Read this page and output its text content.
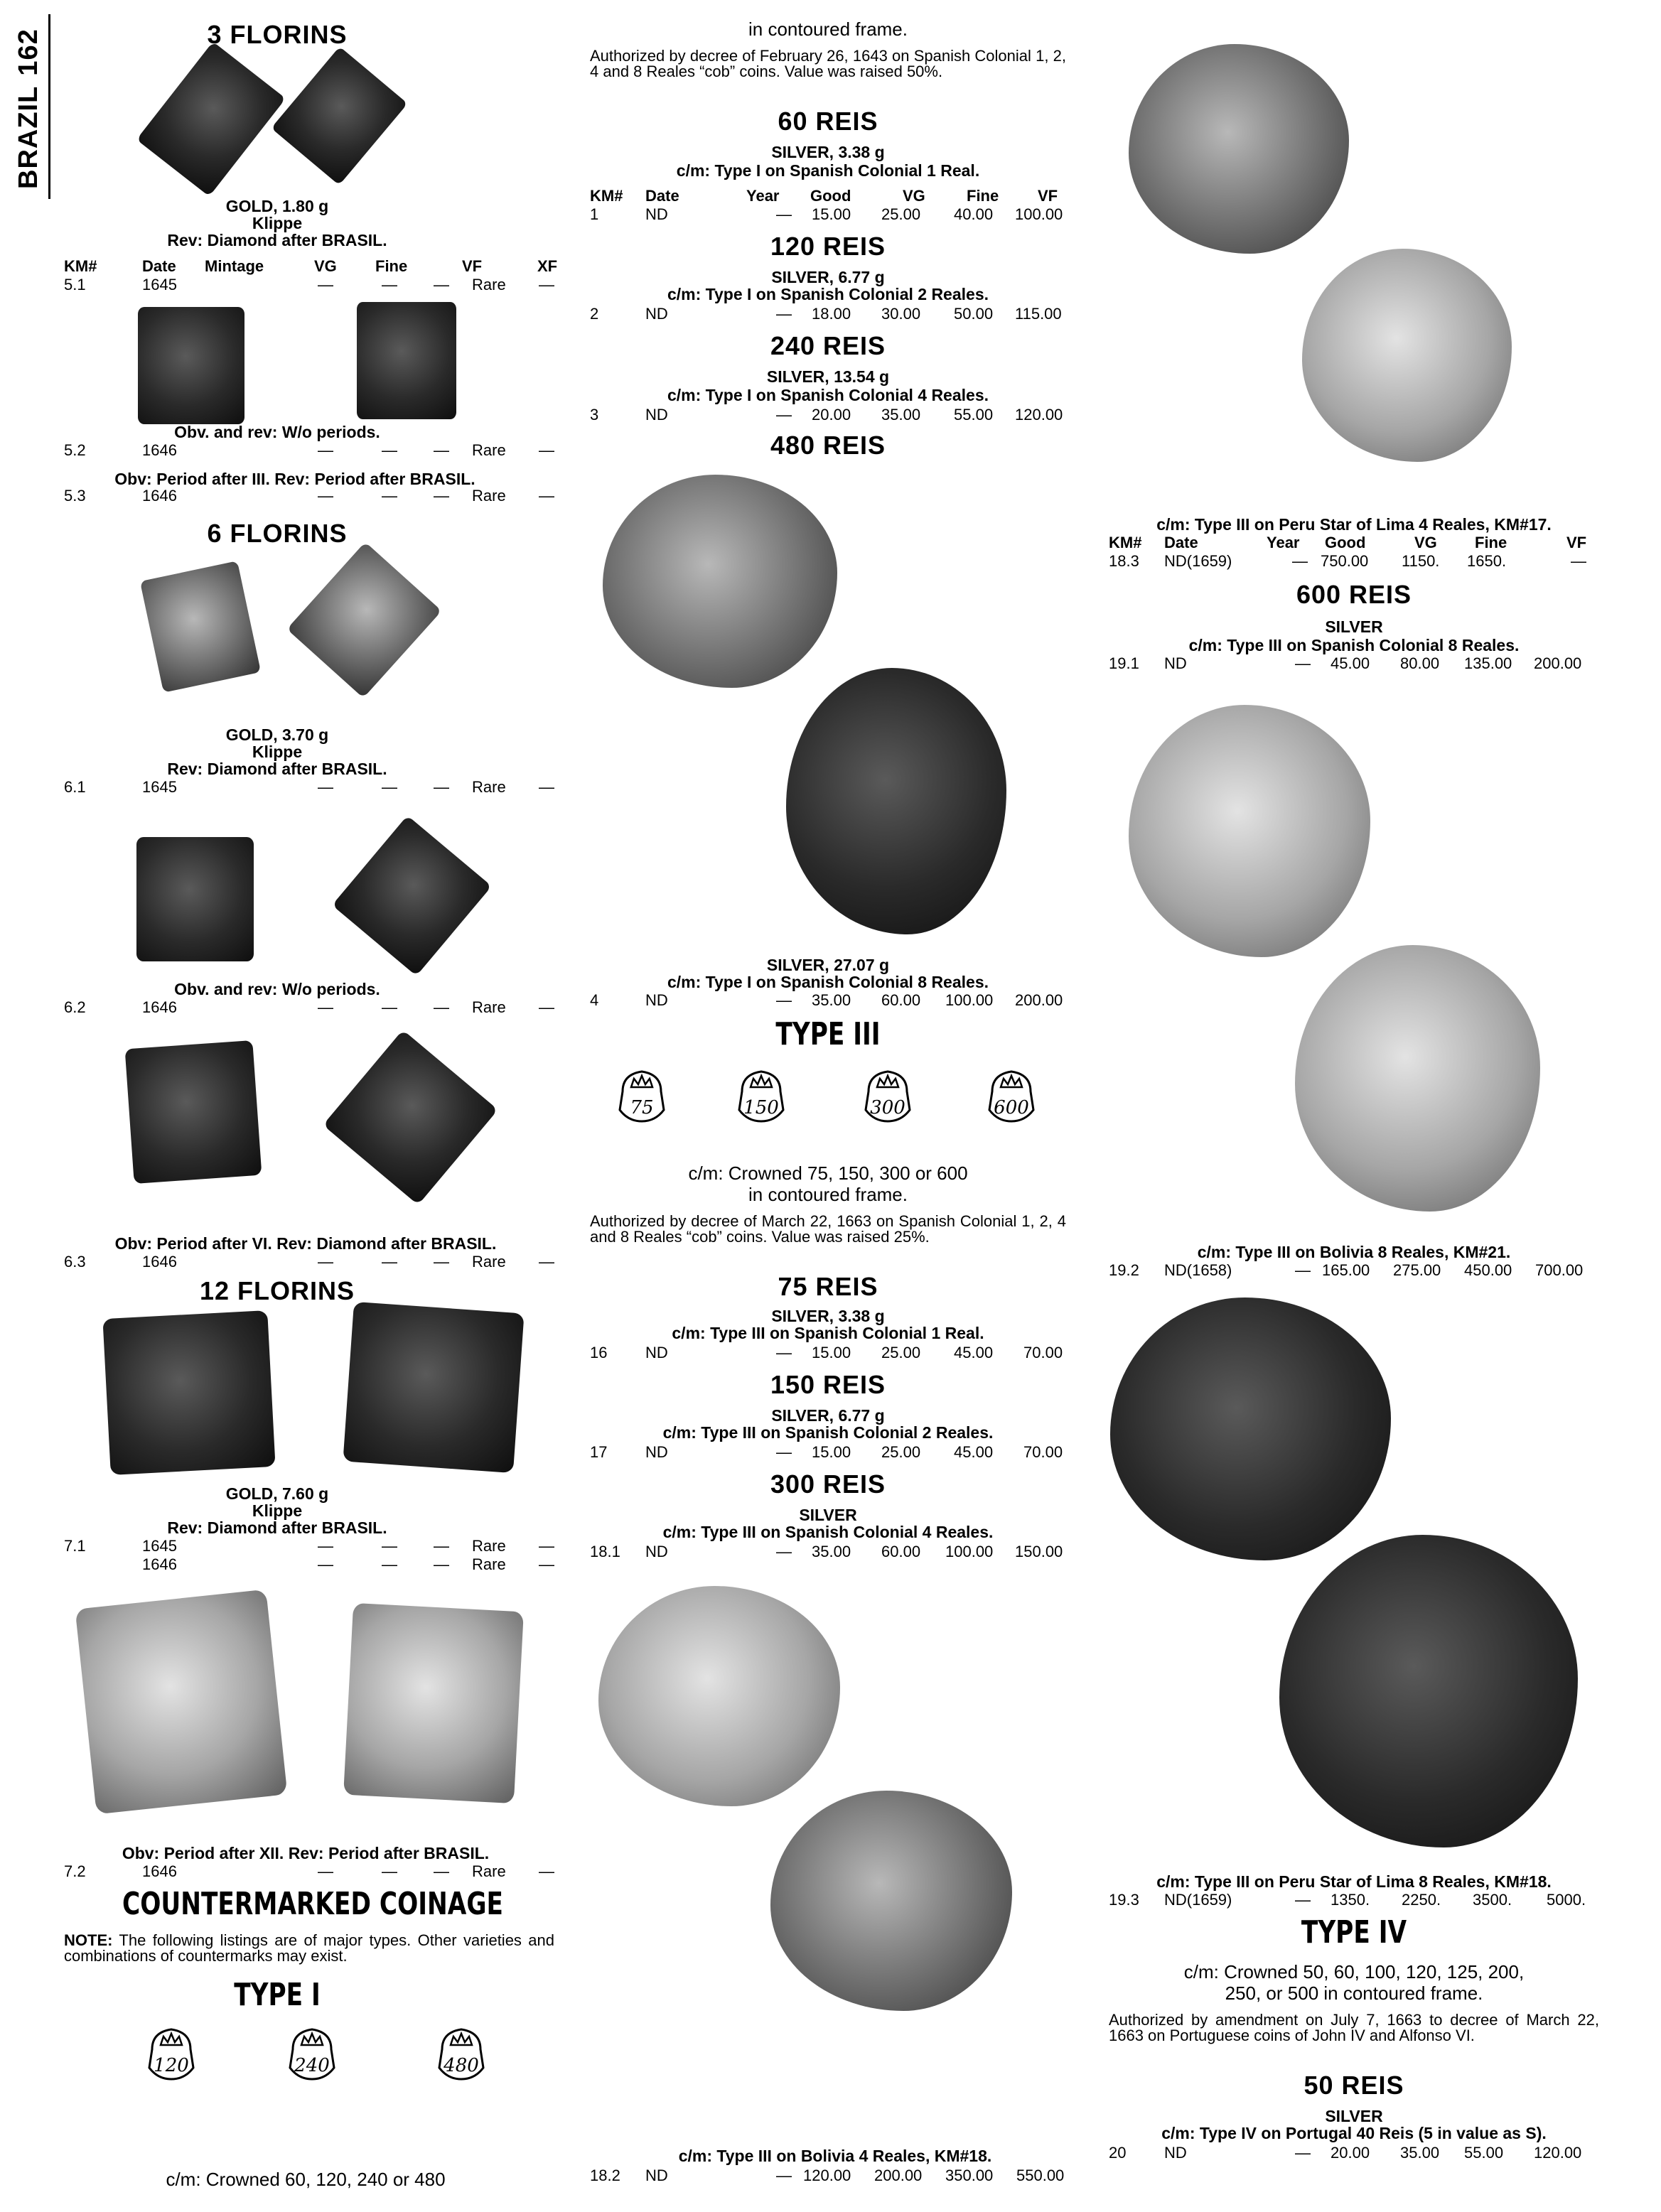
BRAZIL162	3 FLORINS
GOLD, 1.80 g
Klippe
Rev: Diamond after BRASIL.
KM#	Date Mintage	VG Fine	VF	XF
5.1	1645	—	— — Rare —
Obv. and rev: W/o periods.
5.2	1646	—	— — Rare —
Obv: Period after III. Rev: Period after BRASIL.
5.3	1646	—	— — Rare —
6 FLORINS
GOLD, 3.70 g
Klippe
Rev: Diamond after BRASIL.
6.1	1645	—	— — Rare —
Obv. and rev: W/o periods.
6.2	1646	—	— — Rare —
Obv: Period after VI. Rev: Diamond after BRASIL.
6.3	1646	—	— — Rare —
12 FLORINS
GOLD, 7.60 g
Klippe
Rev: Diamond after BRASIL.
7.1	1645	—	— — Rare —
1646	—	— — Rare —
Obv: Period after XII. Rev: Period after BRASIL.
7.2	1646	—	— — Rare —
COUNTERMARKED COINAGE
NOTE: The following listings are of major types. Other varieties and combinations of countermarks may exist.
TYPE I
120	240	480
c/m: Crowned 60, 120, 240 or 480
in contoured frame.
Authorized by decree of February 26, 1643 on Spanish Colonial 1, 2, 4 and 8 Reales “cob” coins. Value was raised 50%.
60 REIS
SILVER, 3.38 g
c/m: Type I on Spanish Colonial 1 Real.
KM# Date	Year Good	VG	Fine VF
1	ND	— 15.00 25.00 40.00 100.00
120 REIS
SILVER, 6.77 g
c/m: Type I on Spanish Colonial 2 Reales.
2	ND	— 18.00 30.00 50.00 115.00
240 REIS
SILVER, 13.54 g
c/m: Type I on Spanish Colonial 4 Reales.
3	ND	— 20.00 35.00 55.00 120.00
480 REIS
SILVER, 27.07 g
c/m: Type I on Spanish Colonial 8 Reales.
4	ND	— 35.00 60.00 100.00 200.00
TYPE III
75	150	300	600
c/m: Crowned 75, 150, 300 or 600
in contoured frame.
Authorized by decree of March 22, 1663 on Spanish Colonial 1, 2, 4 and 8 Reales “cob” coins. Value was raised 25%.
75 REIS
SILVER, 3.38 g
c/m: Type III on Spanish Colonial 1 Real.
16 ND	— 15.00 25.00 45.00 70.00
150 REIS
SILVER, 6.77 g
c/m: Type III on Spanish Colonial 2 Reales.
17 ND	— 15.00 25.00 45.00 70.00
300 REIS
SILVER
c/m: Type III on Spanish Colonial 4 Reales.
18.1 ND	— 35.00 60.00 100.00 150.00
c/m: Type III on Bolivia 4 Reales, KM#18.
18.2 ND	— 120.00 200.00 350.00 550.00
c/m: Type III on Peru Star of Lima 4 Reales, KM#17.
KM# Date	Year Good	VG Fine	VF
18.3 ND(1659)	— 750.00 1150. 1650.	—
600 REIS
SILVER
c/m: Type III on Spanish Colonial 8 Reales.
19.1 ND	— 45.00 80.00 135.00 200.00
c/m: Type III on Bolivia 8 Reales, KM#21.
19.2 ND(1658)	— 165.00 275.00 450.00 700.00
c/m: Type III on Peru Star of Lima 8 Reales, KM#18.
19.3 ND(1659)	— 1350. 2250. 3500. 5000.
TYPE IV
c/m: Crowned 50, 60, 100, 120, 125, 200,
250, or 500 in contoured frame.
Authorized by amendment on July 7, 1663 to decree of March 22, 1663 on Portuguese coins of John IV and Alfonso VI.
50 REIS
SILVER
c/m: Type IV on Portugal 40 Reis (5 in value as S).
20 ND	— 20.00 35.00 55.00 120.00
